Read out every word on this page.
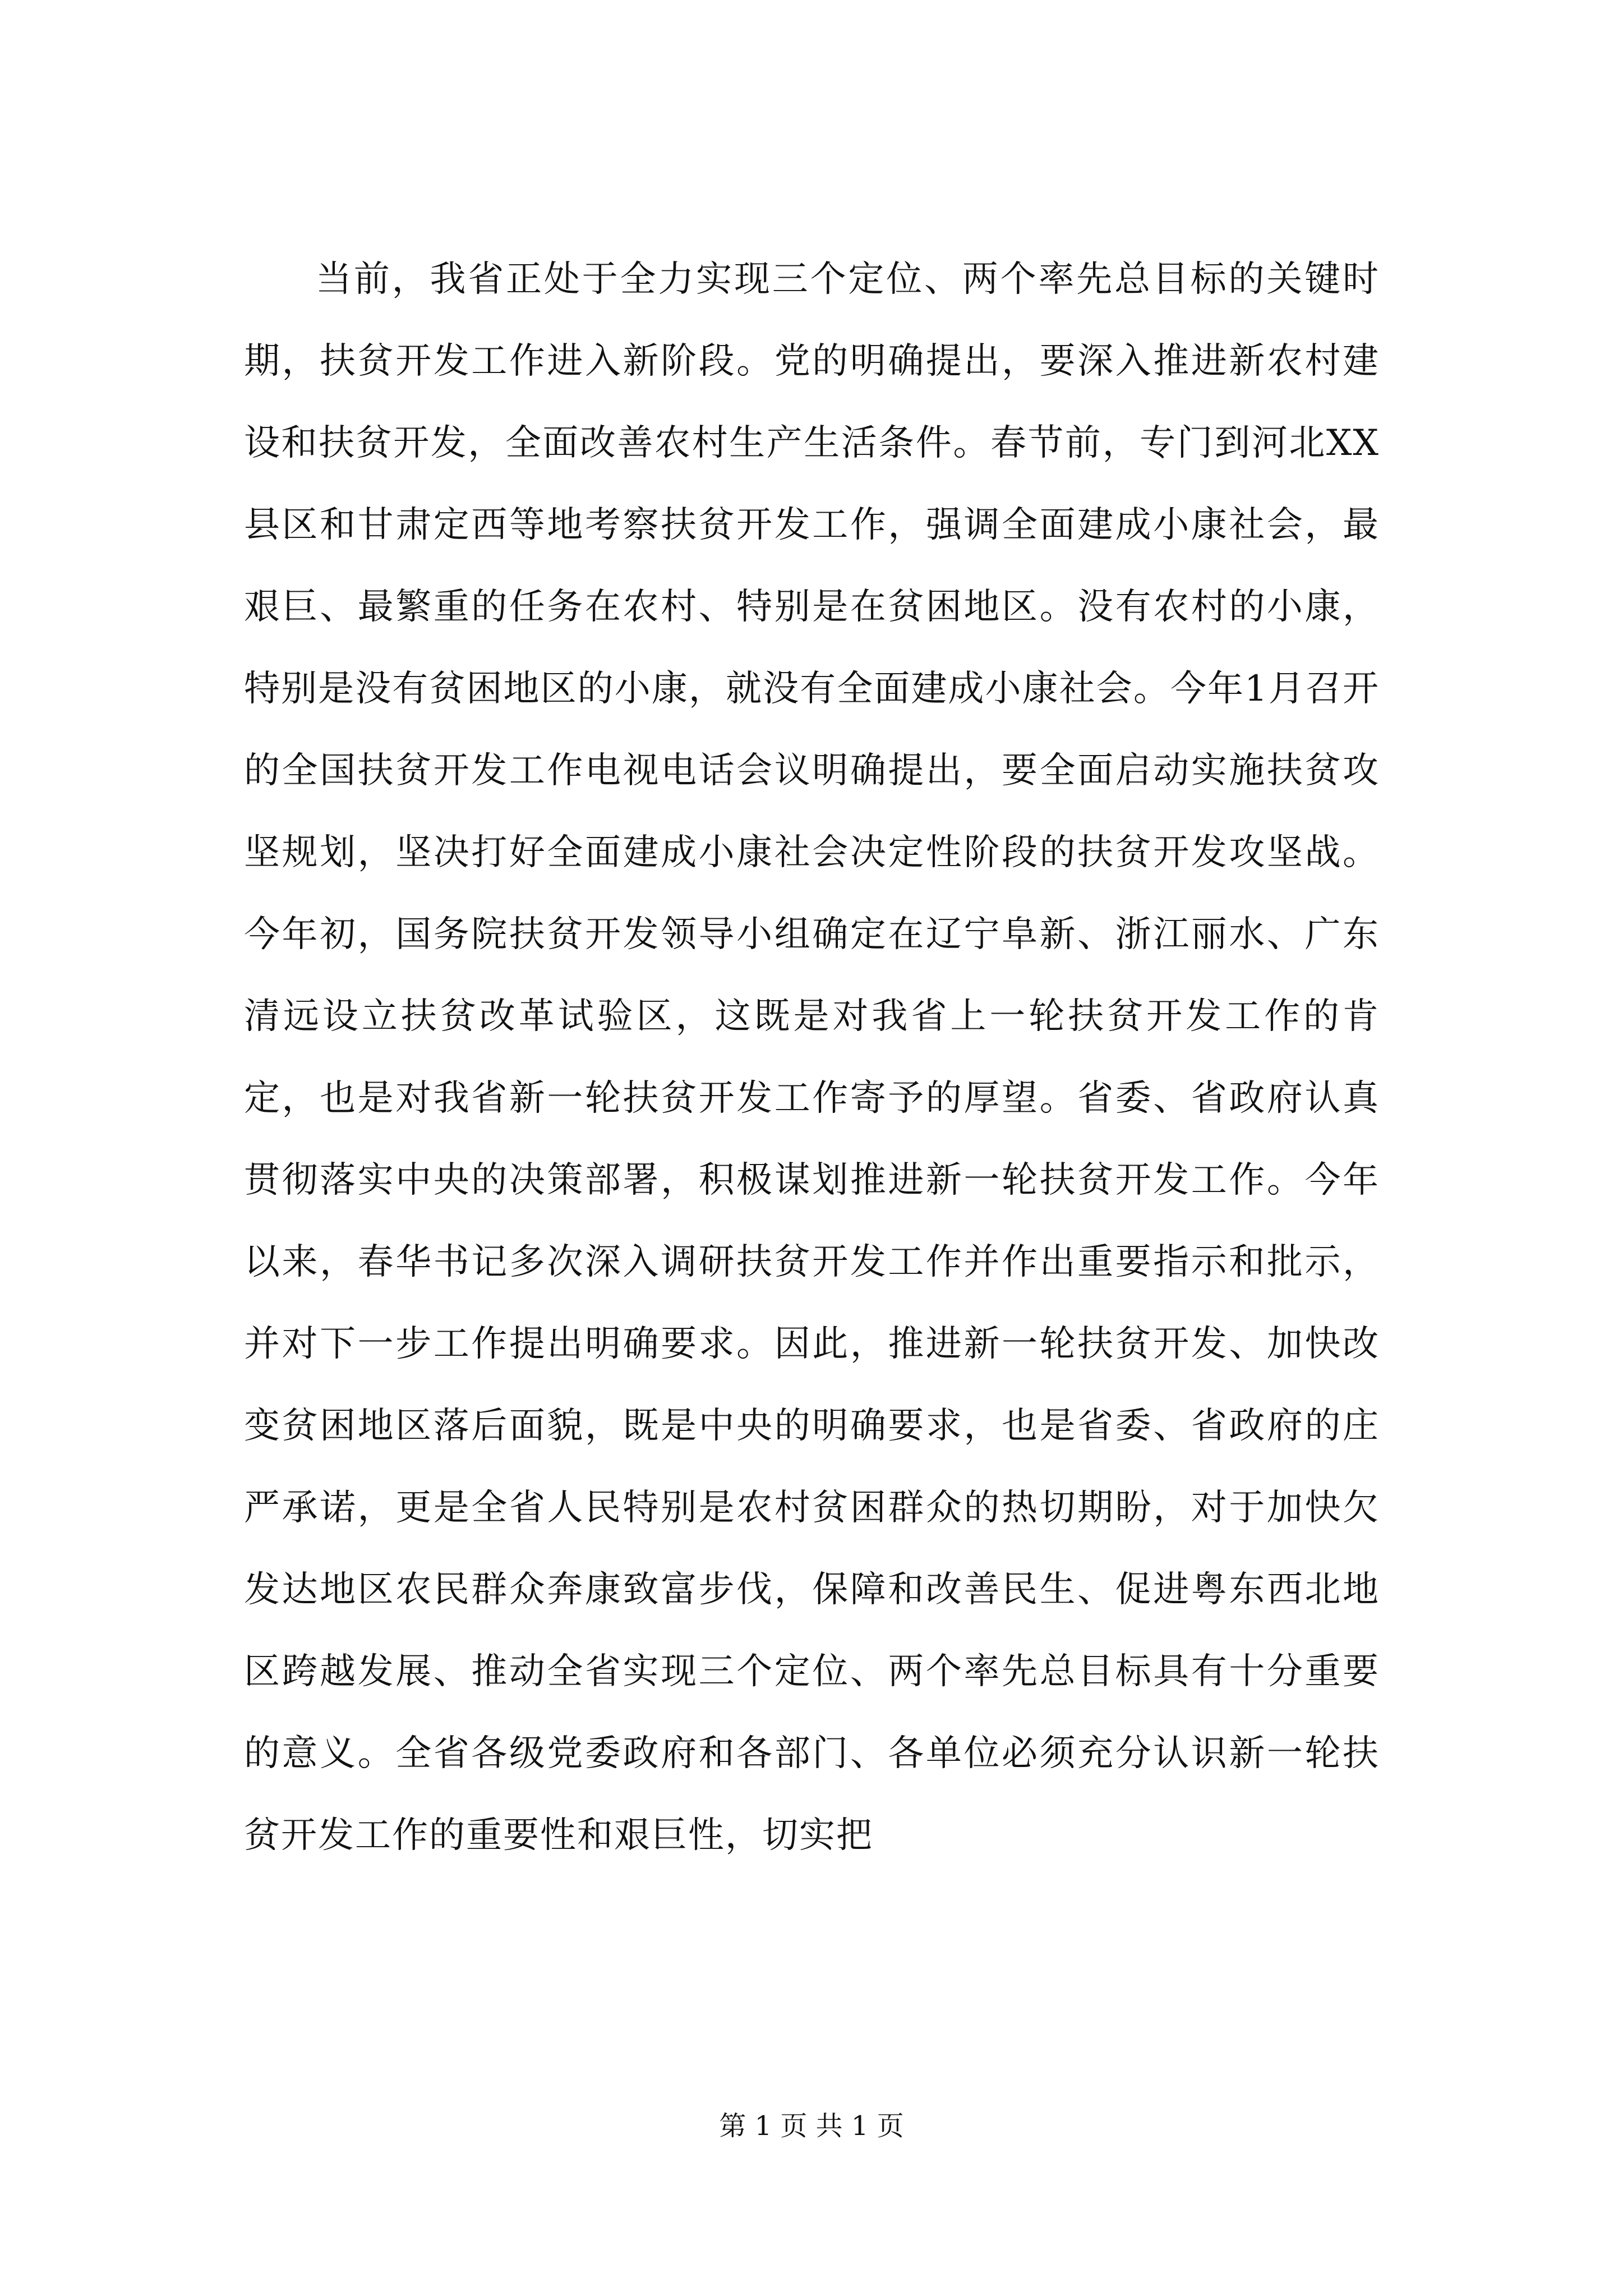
当前，我省正处于全力实现三个定位、两个率先总目标的关键时期，扶贫开发工作进入新阶段。党的明确提出，要深入推进新农村建设和扶贫开发，全面改善农村生产生活条件。春节前，专门到河北XX县区和甘肃定西等地考察扶贫开发工作，强调全面建成小康社会，最艰巨、最繁重的任务在农村、特别是在贫困地区。没有农村的小康，特别是没有贫困地区的小康，就没有全面建成小康社会。今年1月召开的全国扶贫开发工作电视电话会议明确提出，要全面启动实施扶贫攻坚规划，坚决打好全面建成小康社会决定性阶段的扶贫开发攻坚战。今年初，国务院扶贫开发领导小组确定在辽宁阜新、浙江丽水、广东清远设立扶贫改革试验区，这既是对我省上一轮扶贫开发工作的肯定，也是对我省新一轮扶贫开发工作寄予的厚望。省委、省政府认真贯彻落实中央的决策部署，积极谋划推进新一轮扶贫开发工作。今年以来，春华书记多次深入调研扶贫开发工作并作出重要指示和批示，并对下一步工作提出明确要求。因此，推进新一轮扶贫开发、加快改变贫困地区落后面貌，既是中央的明确要求，也是省委、省政府的庄严承诺，更是全省人民特别是农村贫困群众的热切期盼，对于加快欠发达地区农民群众奔康致富步伐，保障和改善民生、促进粤东西北地区跨越发展、推动全省实现三个定位、两个率先总目标具有十分重要的意义。全省各级党委政府和各部门、各单位必须充分认识新一轮扶贫开发工作的重要性和艰巨性，切实把

第 1 页 共 1 页
